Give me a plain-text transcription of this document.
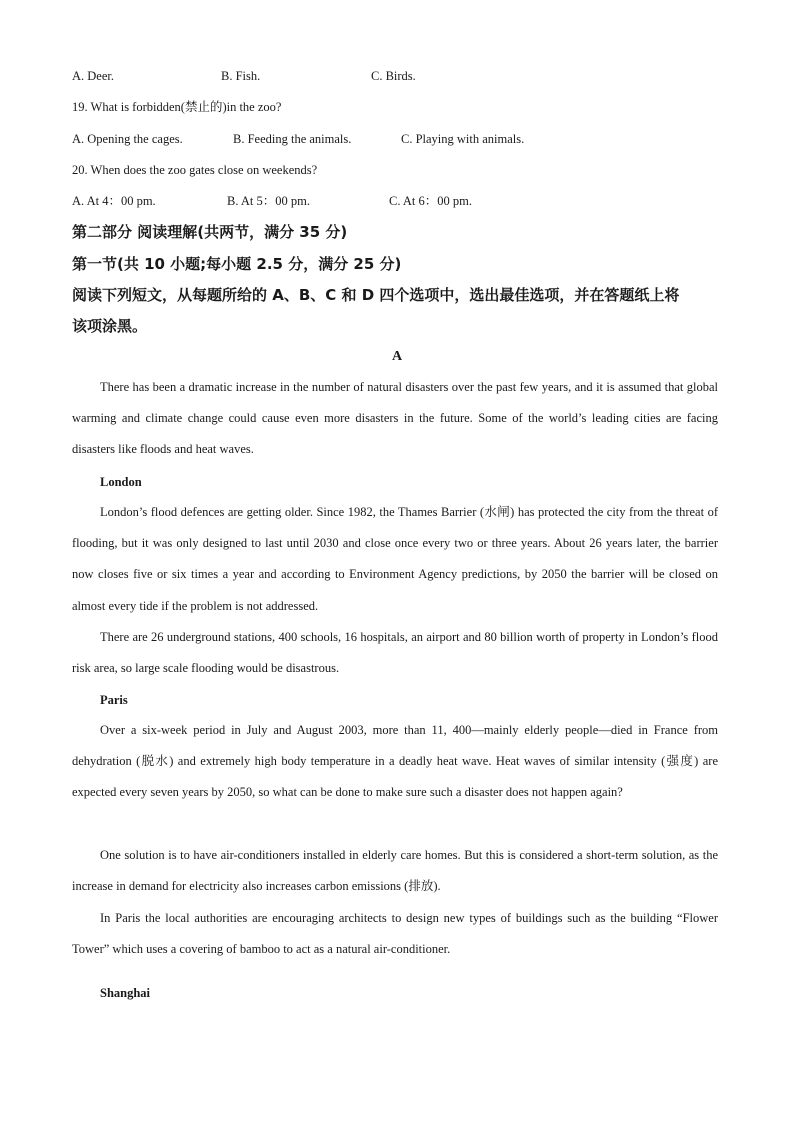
A. Deer.	B. Fish.	C. Birds.
19. What is forbidden(禁止的)in the zoo?
A. Opening the cages.	B. Feeding the animals.	C. Playing with animals.
20. When does the zoo gates close on weekends?
A. At 4：00 pm.	B. At 5：00 pm.	C. At 6：00 pm.
第二部分 阅读理解(共两节，满分 35 分)
第一节(共 10 小题;每小题 2.5 分，满分 25 分)
阅读下列短文，从每题所给的 A、B、C 和 D 四个选项中，选出最佳选项，并在答题纸上将
该项涂黑。
A
There has been a dramatic increase in the number of natural disasters over the past few years, and it is assumed that global warming and climate change could cause even more disasters in the future. Some of the world’s leading cities are facing disasters like floods and heat waves.
London
London’s flood defences are getting older. Since 1982, the Thames Barrier (水闸) has protected the city from the threat of flooding, but it was only designed to last until 2030 and close once every two or three years. About 26 years later, the barrier now closes five or six times a year and according to Environment Agency predictions, by 2050 the barrier will be closed on almost every tide if the problem is not addressed.
There are 26 underground stations, 400 schools, 16 hospitals, an airport and 80 billion worth of property in London’s flood risk area, so large scale flooding would be disastrous.
Paris
Over a six-week period in July and August 2003, more than 11, 400—mainly elderly people—died in France from dehydration (脱水) and extremely high body temperature in a deadly heat wave. Heat waves of similar intensity (强度) are expected every seven years by 2050, so what can be done to make sure such a disaster does not happen again?
One solution is to have air-conditioners installed in elderly care homes. But this is considered a short-term solution, as the increase in demand for electricity also increases carbon emissions (排放).
In Paris the local authorities are encouraging architects to design new types of buildings such as the building “Flower Tower” which uses a covering of bamboo to act as a natural air-conditioner.
Shanghai
